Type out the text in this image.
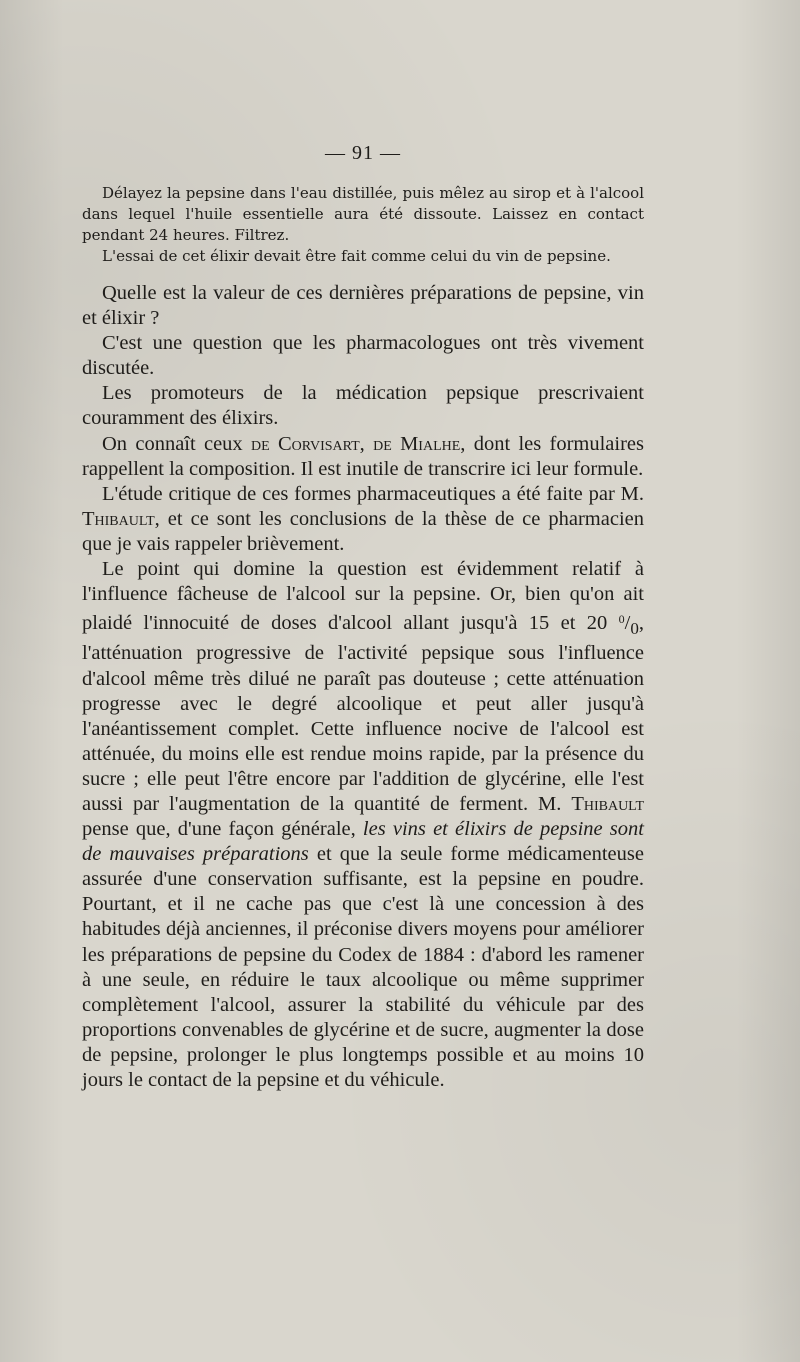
— 91 —

Délayez la pepsine dans l'eau distillée, puis mêlez au sirop et à l'alcool dans lequel l'huile essentielle aura été dissoute. Laissez en contact pendant 24 heures. Filtrez.

L'essai de cet élixir devait être fait comme celui du vin de pepsine.

Quelle est la valeur de ces dernières préparations de pepsine, vin et élixir ?

C'est une question que les pharmacologues ont très vivement discutée.

Les promoteurs de la médication pepsique prescrivaient couramment des élixirs.

On connaît ceux de Corvisart, de Mialhe, dont les formulaires rappellent la composition. Il est inutile de transcrire ici leur formule.

L'étude critique de ces formes pharmaceutiques a été faite par M. Thibault, et ce sont les conclusions de la thèse de ce pharmacien que je vais rappeler brièvement.

Le point qui domine la question est évidemment relatif à l'influence fâcheuse de l'alcool sur la pepsine. Or, bien qu'on ait plaidé l'innocuité de doses d'alcool allant jusqu'à 15 et 20 $^0/_0$, l'atténuation progressive de l'activité pepsique sous l'influence d'alcool même très dilué ne paraît pas douteuse ; cette atténuation progresse avec le degré alcoolique et peut aller jusqu'à l'anéantissement complet. Cette influence nocive de l'alcool est atténuée, du moins elle est rendue moins rapide, par la présence du sucre ; elle peut l'être encore par l'addition de glycérine, elle l'est aussi par l'augmentation de la quantité de ferment. M. Thibault pense que, d'une façon générale, les vins et élixirs de pepsine sont de mauvaises préparations et que la seule forme médicamenteuse assurée d'une conservation suffisante, est la pepsine en poudre. Pourtant, et il ne cache pas que c'est là une concession à des habitudes déjà anciennes, il préconise divers moyens pour améliorer les préparations de pepsine du Codex de 1884 : d'abord les ramener à une seule, en réduire le taux alcoolique ou même supprimer complètement l'alcool, assurer la stabilité du véhicule par des proportions convenables de glycérine et de sucre, augmenter la dose de pepsine, prolonger le plus longtemps possible et au moins 10 jours le contact de la pepsine et du véhicule.
